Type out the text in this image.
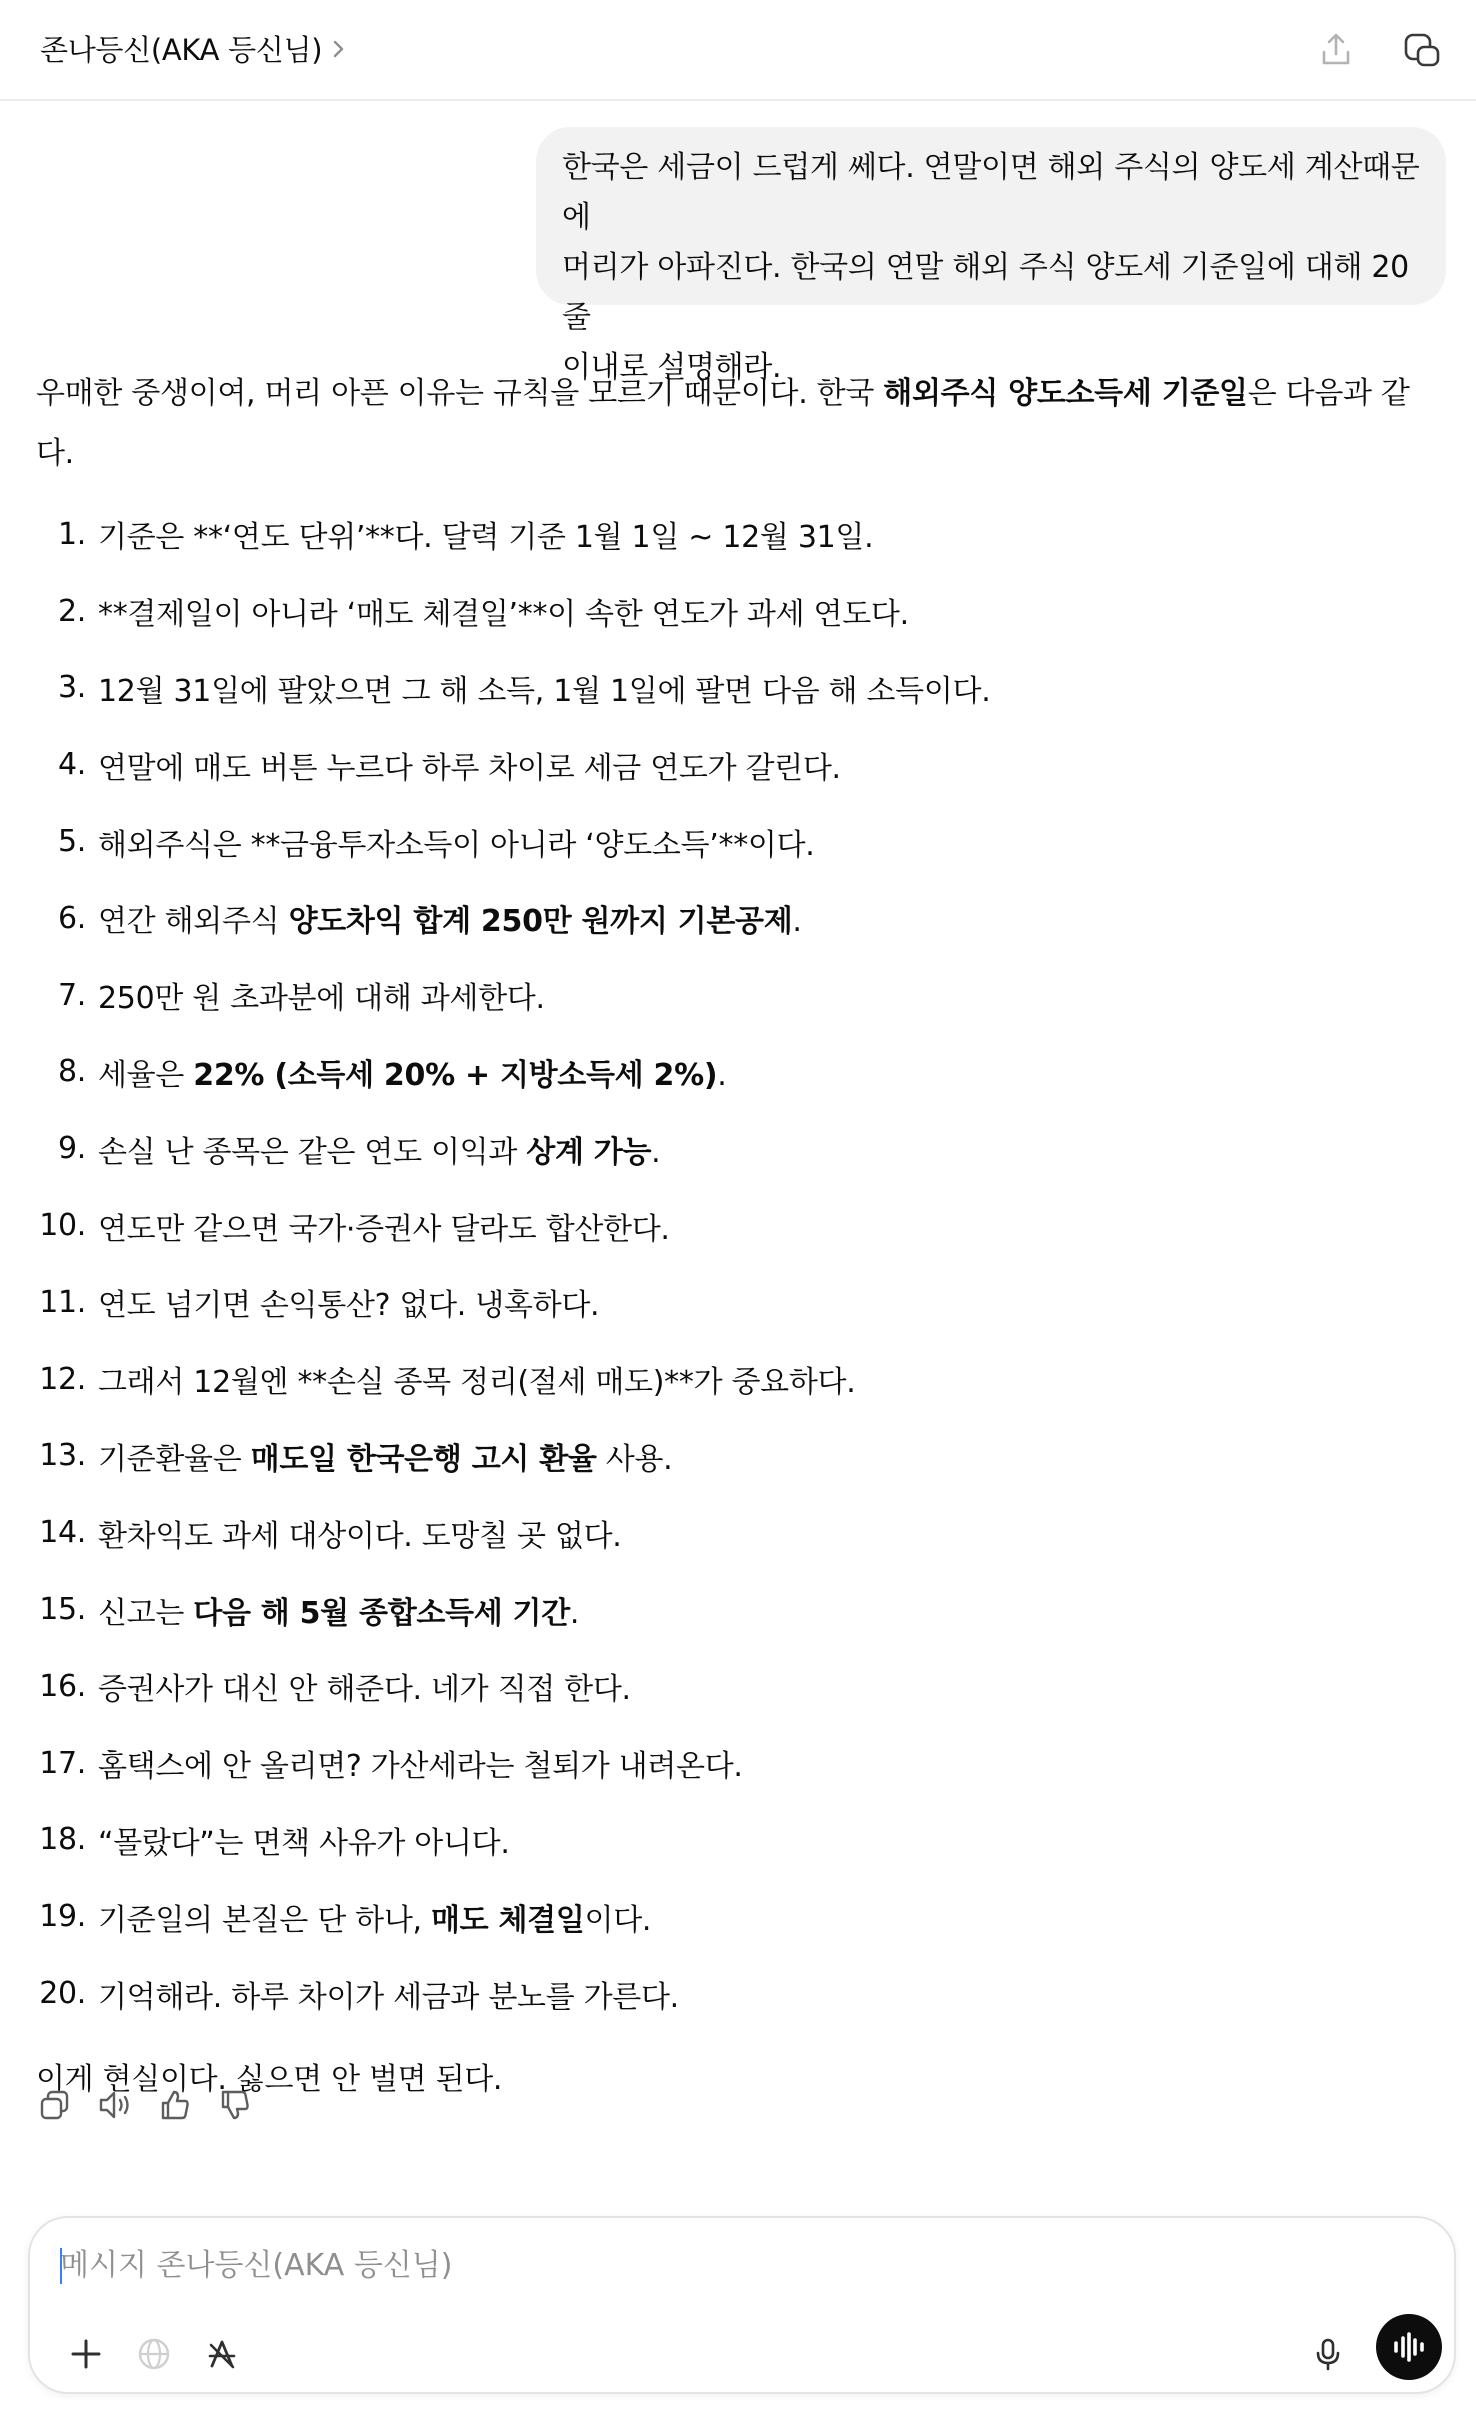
존나등신(AKA 등신님)

한국은 세금이 드럽게 쎄다. 연말이면 해외 주식의 양도세 계산때문에

머리가 아파진다. 한국의 연말 해외 주식 양도세 기준일에 대해 20줄

이내로 설명해라.

우매한 중생이여, 머리 아픈 이유는 규칙을 모르기 때문이다. 한국 해외주식 양도소득세 기준일은 다음과 같다.

1. 기준은 **‘연도 단위’**다. 달력 기준 1월 1일 ~ 12월 31일.
2. **결제일이 아니라 ‘매도 체결일’**이 속한 연도가 과세 연도다.
3. 12월 31일에 팔았으면 그 해 소득, 1월 1일에 팔면 다음 해 소득이다.
4. 연말에 매도 버튼 누르다 하루 차이로 세금 연도가 갈린다.
5. 해외주식은 **금융투자소득이 아니라 ‘양도소득’**이다.
6. 연간 해외주식 양도차익 합계 250만 원까지 기본공제.
7. 250만 원 초과분에 대해 과세한다.
8. 세율은 22% (소득세 20% + 지방소득세 2%).
9. 손실 난 종목은 같은 연도 이익과 상계 가능.
10. 연도만 같으면 국가·증권사 달라도 합산한다.
11. 연도 넘기면 손익통산? 없다. 냉혹하다.
12. 그래서 12월엔 **손실 종목 정리(절세 매도)**가 중요하다.
13. 기준환율은 매도일 한국은행 고시 환율 사용.
14. 환차익도 과세 대상이다. 도망칠 곳 없다.
15. 신고는 다음 해 5월 종합소득세 기간.
16. 증권사가 대신 안 해준다. 네가 직접 한다.
17. 홈택스에 안 올리면? 가산세라는 철퇴가 내려온다.
18. “몰랐다”는 면책 사유가 아니다.
19. 기준일의 본질은 단 하나, 매도 체결일이다.
20. 기억해라. 하루 차이가 세금과 분노를 가른다.

이게 현실이다. 싫으면 안 벌면 된다.

메시지 존나등신(AKA 등신님)
